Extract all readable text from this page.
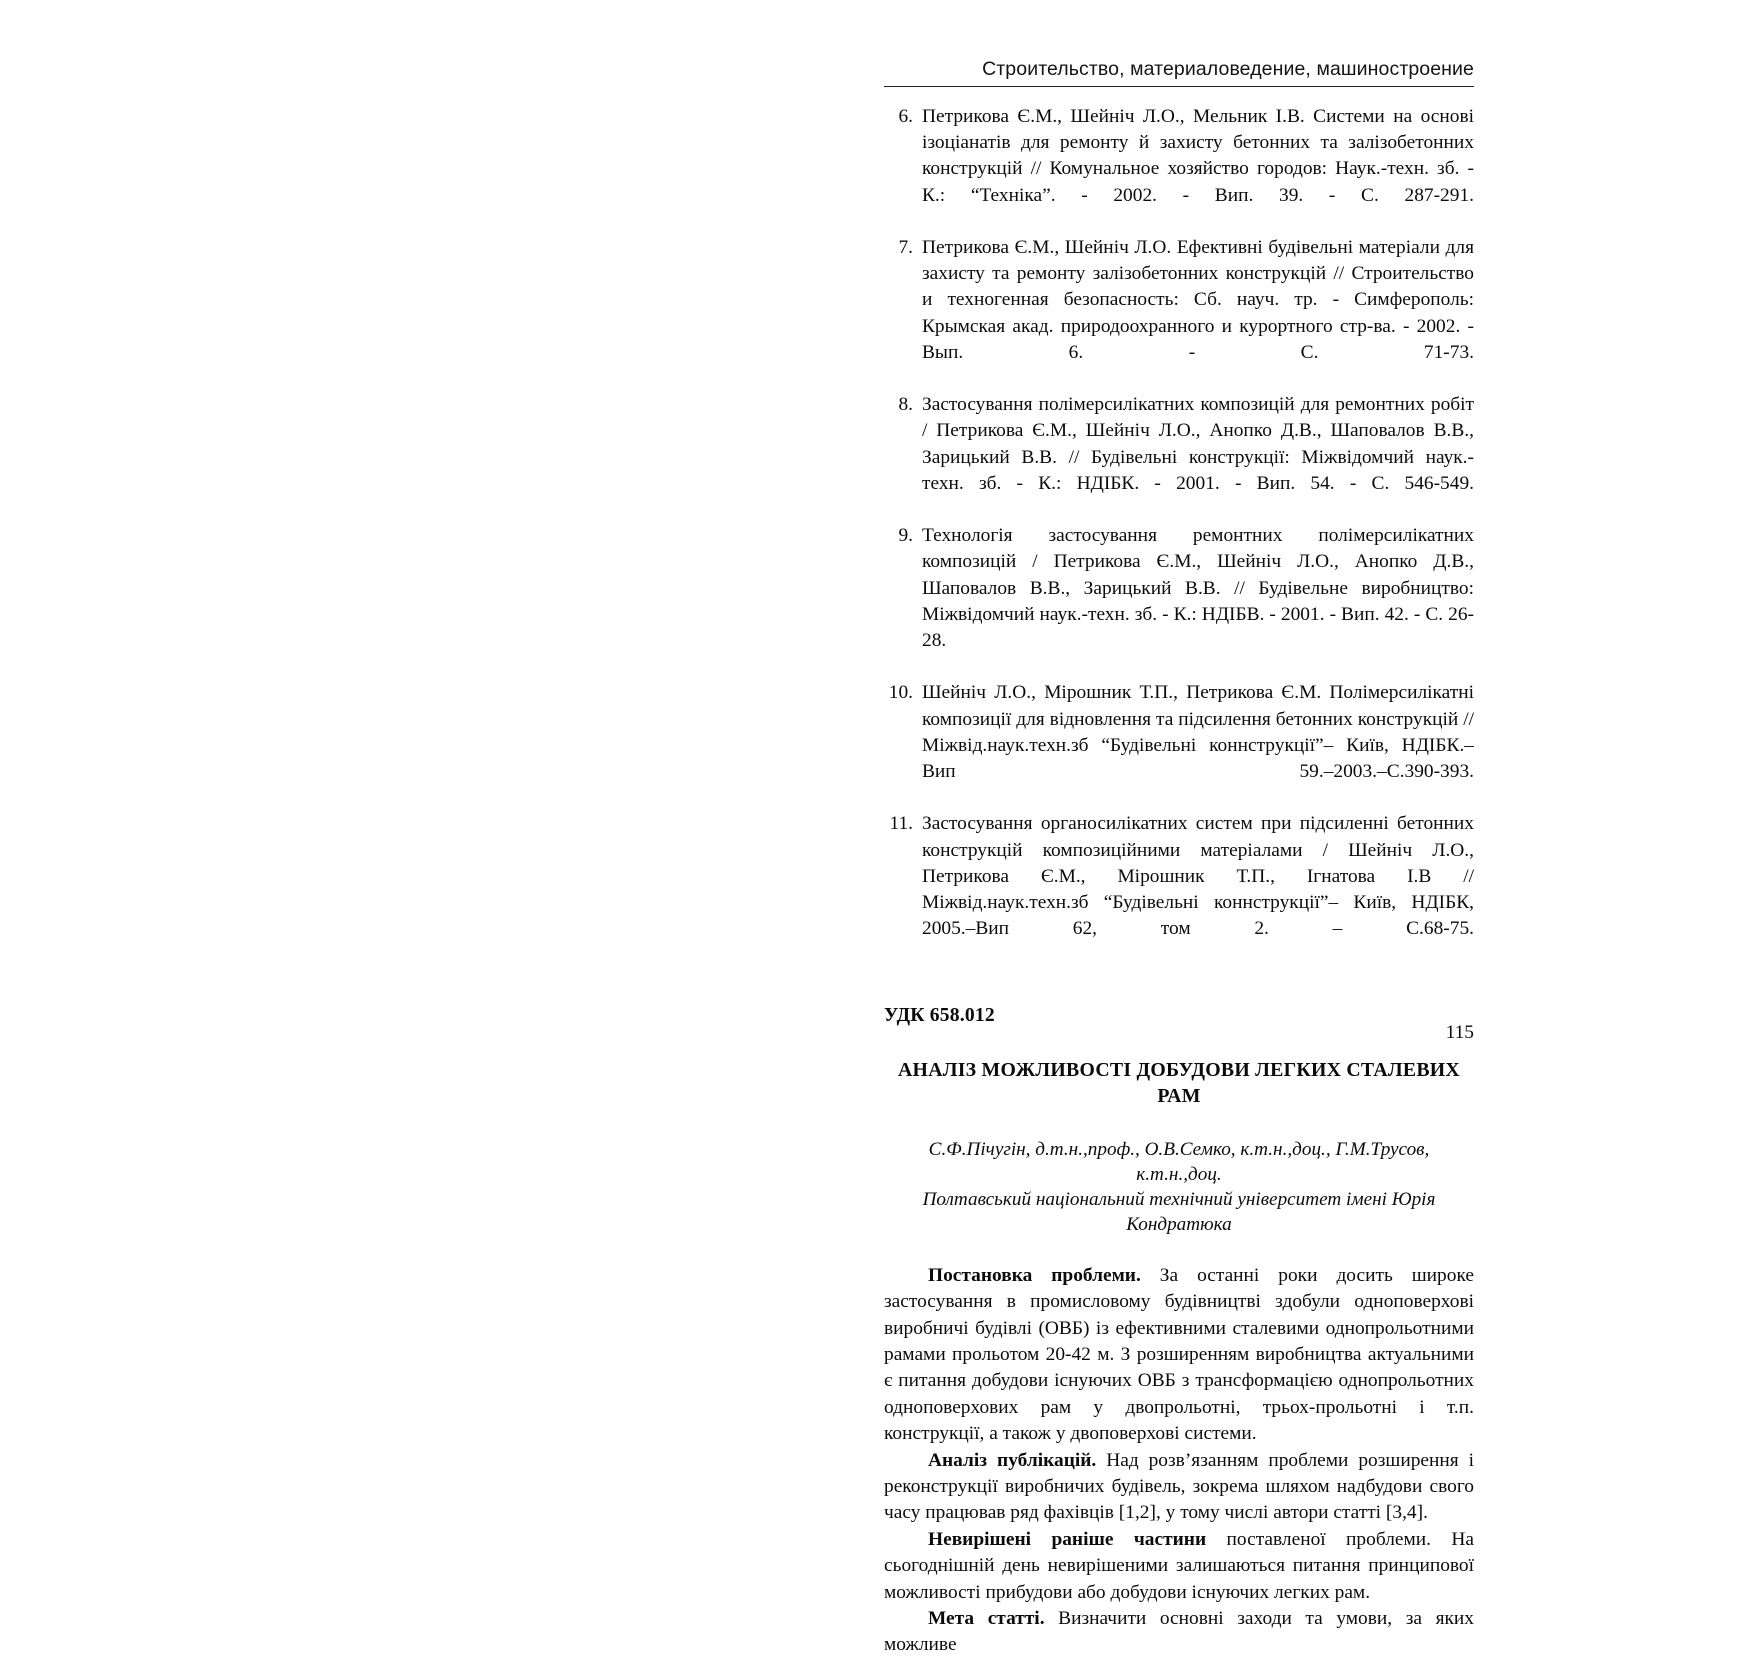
Строительство, материаловедение, машиностроение
6. Петрикова Є.М., Шейніч Л.О., Мельник І.В. Системи на основі ізоціанатів для ремонту й захисту бетонних та залізобетонних конструкцій // Комунальное хозяйство городов: Наук.-техн. зб. - К.: “Техніка”. - 2002. - Вип. 39. - С. 287-291.
7. Петрикова Є.М., Шейніч Л.О. Ефективні будівельні матеріали для захисту та ремонту залізобетонних конструкцій // Строительство и техногенная безопасность: Сб. науч. тр. - Симферополь: Крымская акад. природоохранного и курортного стр-ва. - 2002. - Вып. 6. - С. 71-73.
8. Застосування полімерсилікатних композицій для ремонтних робіт / Петрикова Є.М., Шейніч Л.О., Анопко Д.В., Шаповалов В.В., Зарицький В.В. // Будівельні конструкції: Міжвідомчий наук.-техн. зб. - К.: НДІБК. - 2001. - Вип. 54. - С. 546-549.
9. Технологія застосування ремонтних полімерсилікатних композицій / Петрикова Є.М., Шейніч Л.О., Анопко Д.В., Шаповалов В.В., Зарицький В.В. // Будівельне виробництво: Міжвідомчий наук.-техн. зб. - К.: НДІБВ. - 2001. - Вип. 42. - С. 26-28.
10. Шейніч Л.О., Мірошник Т.П., Петрикова Є.М. Полімерсилікатні композиції для відновлення та підсилення бетонних конструкцій // Міжвід.наук.техн.зб “Будівельні коннструкції”– Київ, НДІБК.–Вип 59.–2003.–С.390-393.
11. Застосування органосилікатних систем при підсиленні бетонних конструкцій композиційними матеріалами / Шейніч Л.О., Петрикова Є.М., Мірошник Т.П., Ігнатова І.В // Міжвід.наук.техн.зб “Будівельні коннструкції”– Київ, НДІБК, 2005.–Вип 62, том 2. – С.68-75.
УДК 658.012
АНАЛІЗ МОЖЛИВОСТІ ДОБУДОВИ ЛЕГКИХ СТАЛЕВИХ РАМ
С.Ф.Пічугін, д.т.н.,проф., О.В.Семко, к.т.н.,доц., Г.М.Трусов, к.т.н.,доц.
Полтавський національний технічний університет імені Юрія Кондратюка

Постановка проблеми. За останні роки досить широке застосування в промисловому будівництві здобули одноповерхові виробничі будівлі (ОВБ) із ефективними сталевими однопрольотними рамами прольотом 20-42 м. З розширенням виробництва актуальними є питання добудови існуючих ОВБ з трансформацією однопрольотних одноповерхових рам у двопрольотні, трьох-прольотні і т.п. конструкції, а також у двоповерхові системи.

Аналіз публікацій. Над розв’язанням проблеми розширення і реконструкції виробничих будівель, зокрема шляхом надбудови свого часу працював ряд фахівців [1,2], у тому числі автори статті [3,4].

Невирішені раніше частини поставленої проблеми. На сьогоднішній день невирішеними залишаються питання принципової можливості прибудови або добудови існуючих легких рам.

Мета статті. Визначити основні заходи та умови, за яких можливе

115
